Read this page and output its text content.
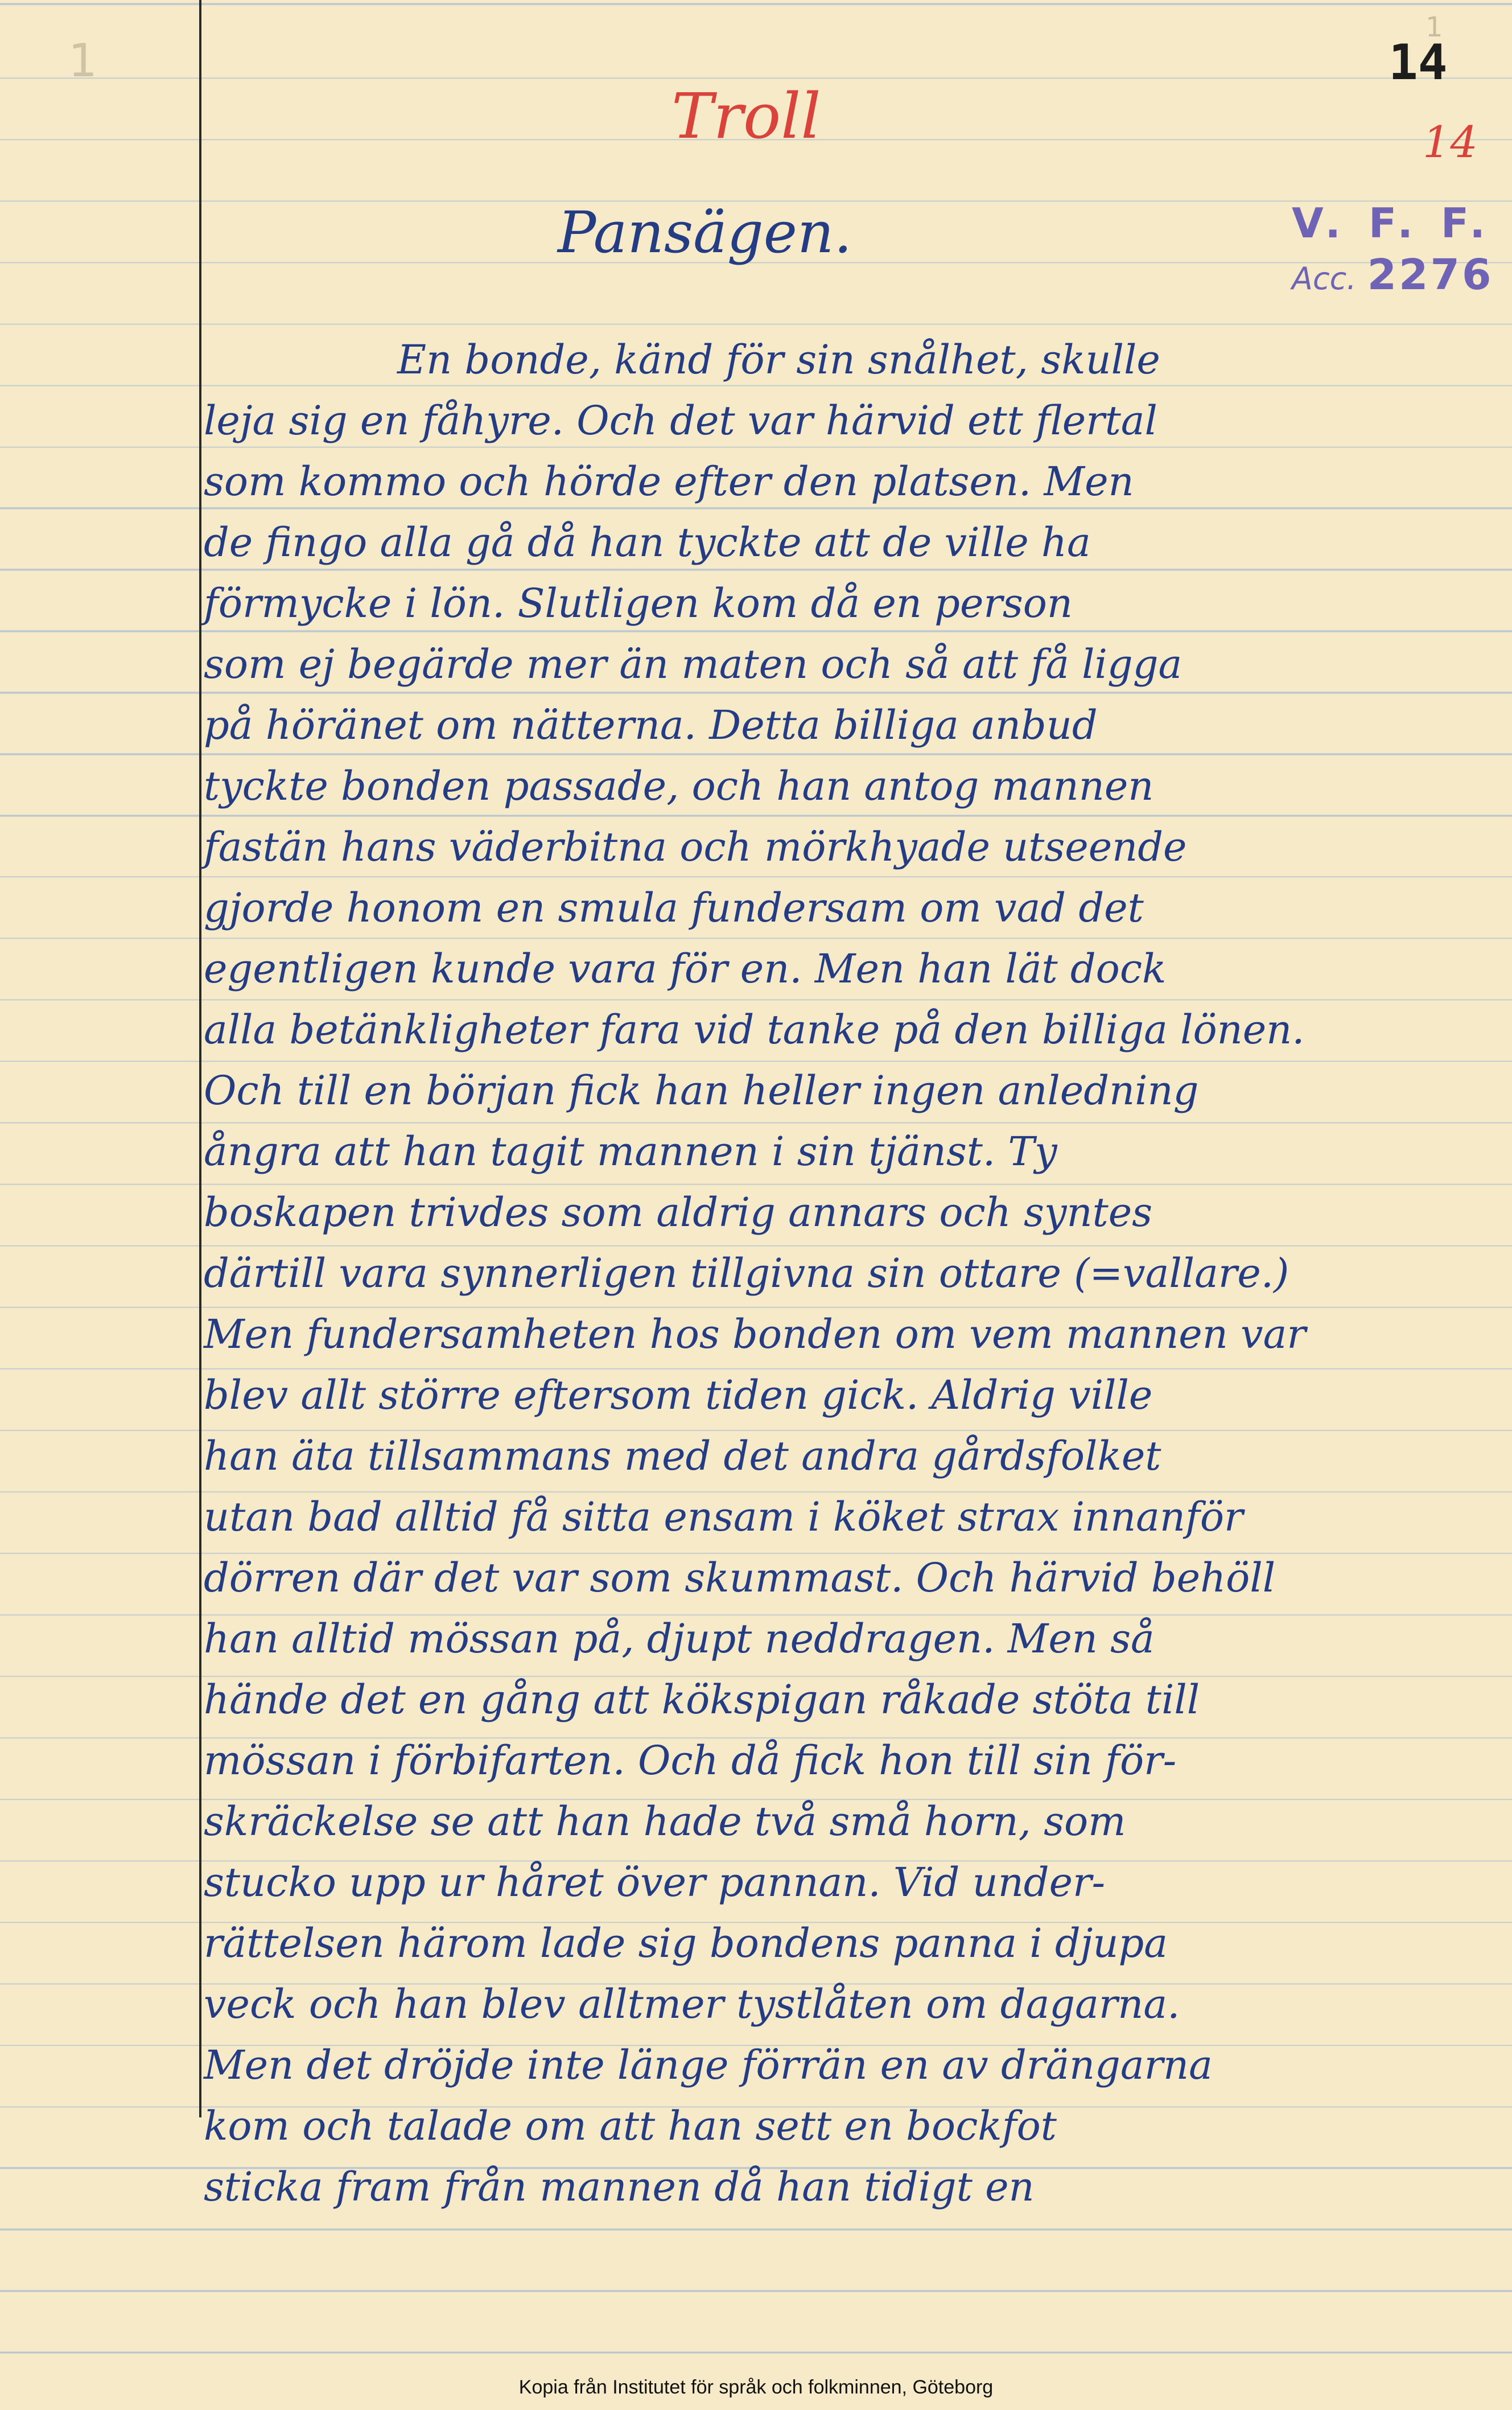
1
1
14
14
Troll
V. F. F.
Acc. 2276
Pansägen.
En bonde, känd för sin snålhet, skulle
leja sig en fåhyre. Och det var härvid ett flertal
som kommo och hörde efter den platsen. Men
de fingo alla gå då han tyckte att de ville ha
förmycke i lön. Slutligen kom då en person
som ej begärde mer än maten och så att få ligga
på höränet om nätterna. Detta billiga anbud
tyckte bonden passade, och han antog mannen
fastän hans väderbitna och mörkhyade utseende
gjorde honom en smula fundersam om vad det
egentligen kunde vara för en. Men han lät dock
alla betänkligheter fara vid tanke på den billiga lönen.
Och till en början fick han heller ingen anledning
ångra att han tagit mannen i sin tjänst. Ty
boskapen trivdes som aldrig annars och syntes
därtill vara synnerligen tillgivna sin ottare (=vallare.)
Men fundersamheten hos bonden om vem mannen var
blev allt större eftersom tiden gick. Aldrig ville
han äta tillsammans med det andra gårdsfolket
utan bad alltid få sitta ensam i köket strax innanför
dörren där det var som skummast. Och härvid behöll
han alltid mössan på, djupt neddragen. Men så
hände det en gång att kökspigan råkade stöta till
mössan i förbifarten. Och då fick hon till sin för-
skräckelse se att han hade två små horn, som
stucko upp ur håret över pannan. Vid under-
rättelsen härom lade sig bondens panna i djupa
veck och han blev alltmer tystlåten om dagarna.
Men det dröjde inte länge förrän en av drängarna
kom och talade om att han sett en bockfot
sticka fram från mannen då han tidigt en
Kopia från Institutet för språk och folkminnen, Göteborg
